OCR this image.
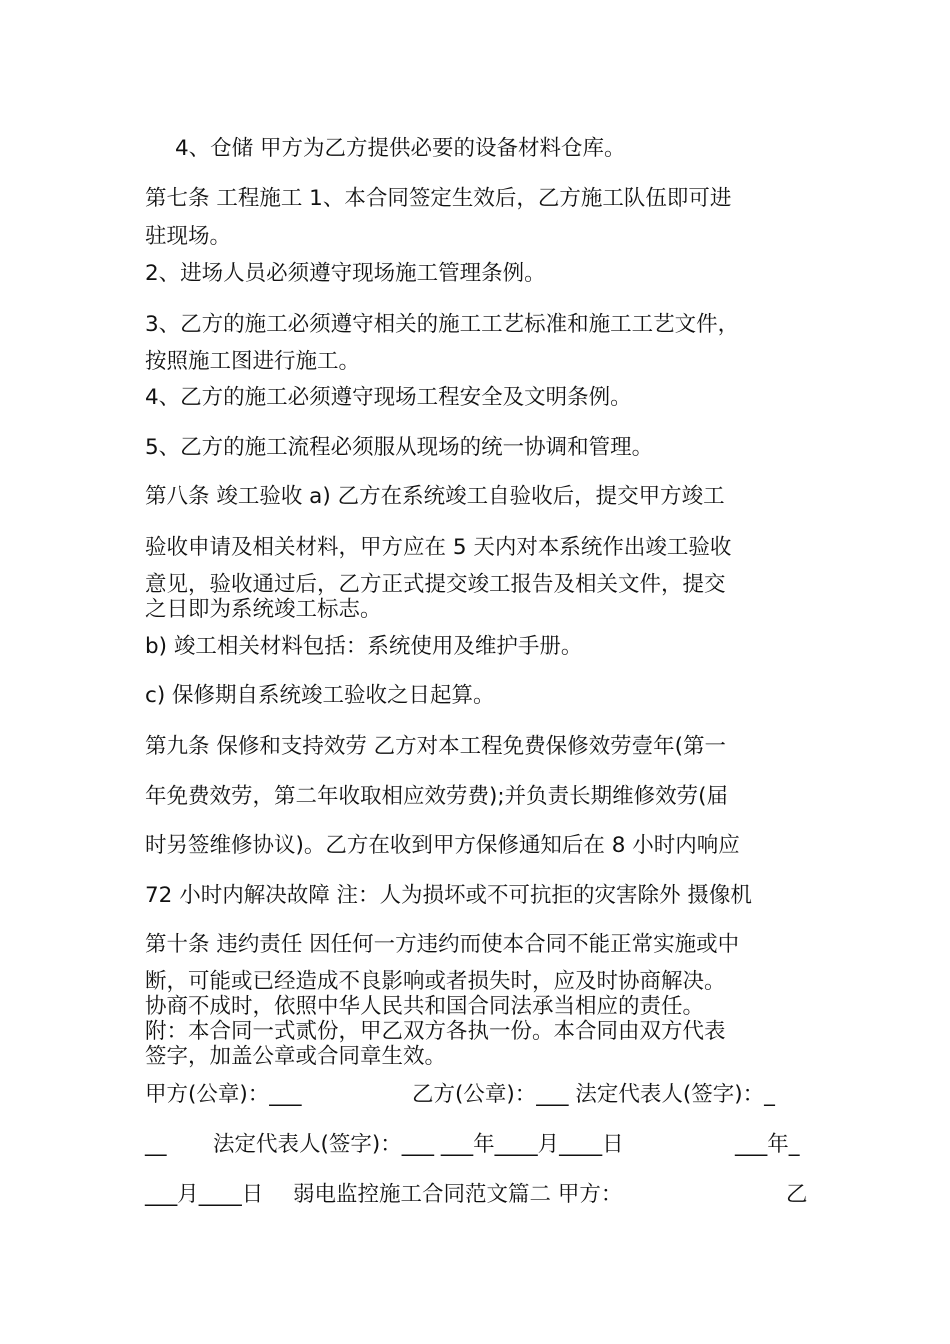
4、仓储 甲方为乙方提供必要的设备材料仓库。
第七条 工程施工 1、本合同签定生效后，乙方施工队伍即可进
驻现场。
2、进场人员必须遵守现场施工管理条例。
3、乙方的施工必须遵守相关的施工工艺标准和施工工艺文件，
按照施工图进行施工。
4、乙方的施工必须遵守现场工程安全及文明条例。
5、乙方的施工流程必须服从现场的统一协调和管理。
第八条 竣工验收 a) 乙方在系统竣工自验收后，提交甲方竣工
验收申请及相关材料，甲方应在 5 天内对本系统作出竣工验收
意见，验收通过后，乙方正式提交竣工报告及相关文件，提交
之日即为系统竣工标志。
b) 竣工相关材料包括：系统使用及维护手册。
c) 保修期自系统竣工验收之日起算。
第九条 保修和支持效劳 乙方对本工程免费保修效劳壹年(第一
年免费效劳，第二年收取相应效劳费);并负责长期维修效劳(届
时另签维修协议)。乙方在收到甲方保修通知后在 8 小时内响应
72 小时内解决故障 注：人为损坏或不可抗拒的灾害除外 摄像机
第十条 违约责任 因任何一方违约而使本合同不能正常实施或中
断，可能或已经造成不良影响或者损失时，应及时协商解决。
协商不成时，依照中华人民共和国合同法承当相应的责任。
附：本合同一式贰份，甲乙双方各执一份。本合同由双方代表
签字，加盖公章或合同章生效。
甲方(公章)：___	乙方(公章)：___ 法定代表人(签字)：_
__ 法定代表人(签字)：___ ___年____月____日	___年_
___月____日 弱电监控施工合同范文篇二 甲方：	乙
